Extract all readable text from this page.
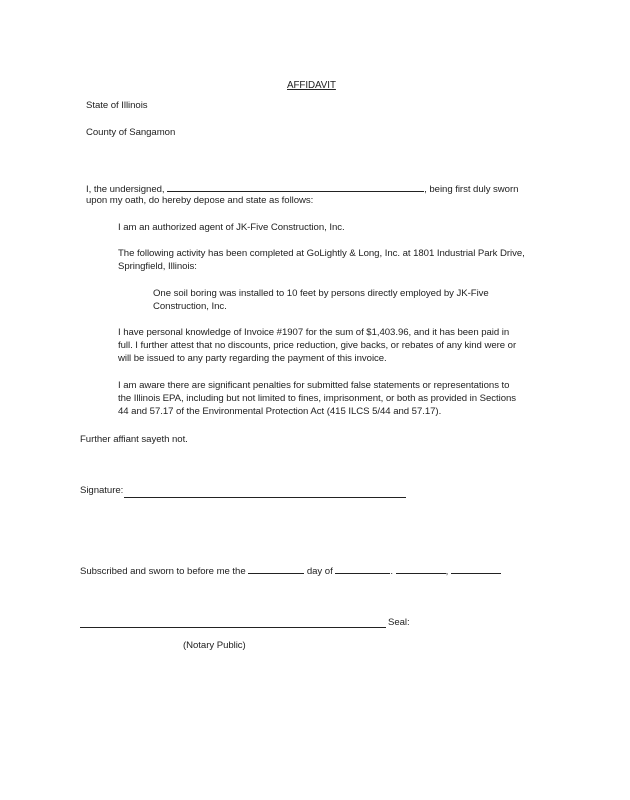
AFFIDAVIT
State of Illinois
County of Sangamon
I, the undersigned,	, being first duly sworn
upon my oath, do hereby depose and state as follows:
I am an authorized agent of JK-Five Construction, Inc.
The following activity has been completed at GoLightly & Long, Inc. at 1801 Industrial Park Drive,
Springfield, Illinois:
One soil boring was installed to 10 feet by persons directly employed by JK-Five
Construction, Inc.
I have personal knowledge of Invoice #1907 for the sum of $1,403.96, and it has been paid in
full. I further attest that no discounts, price reduction, give backs, or rebates of any kind were or
will be issued to any party regarding the payment of this invoice.
I am aware there are significant penalties for submitted false statements or representations to
the Illinois EPA, including but not limited to fines, imprisonment, or both as provided in Sections
44 and 57.17 of the Environmental Protection Act (415 ILCS 5/44 and 57.17).
Further affiant sayeth not.
Signature:
Subscribed and sworn to before me the	day of	.	,
Seal:
(Notary Public)
